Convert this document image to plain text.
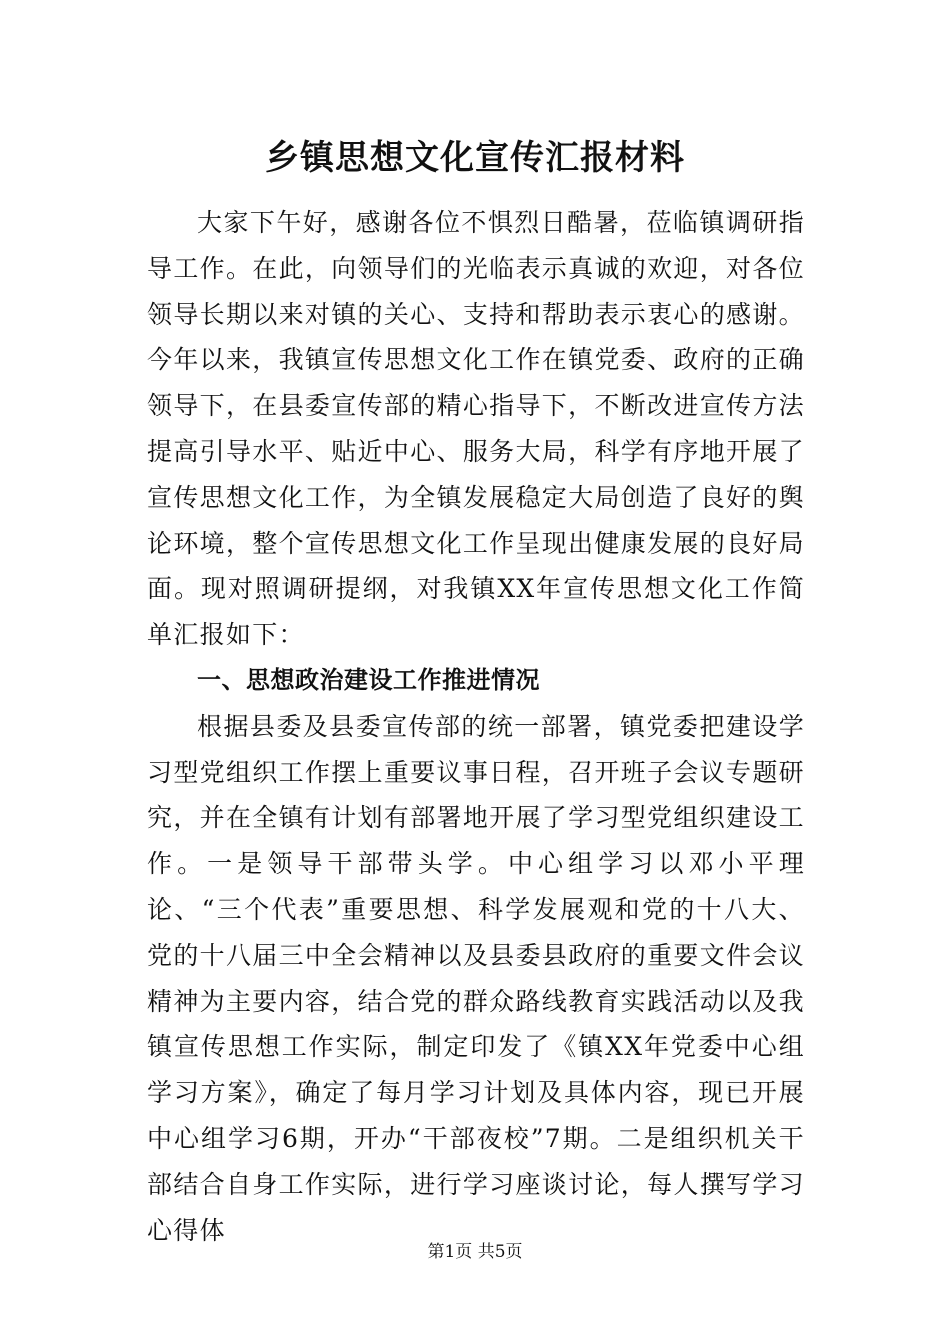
乡镇思想文化宣传汇报材料

大家下午好，感谢各位不惧烈日酷暑，莅临镇调研指导工作。在此，向领导们的光临表示真诚的欢迎，对各位领导长期以来对镇的关心、支持和帮助表示衷心的感谢。今年以来，我镇宣传思想文化工作在镇党委、政府的正确领导下，在县委宣传部的精心指导下，不断改进宣传方法提高引导水平、贴近中心、服务大局，科学有序地开展了宣传思想文化工作，为全镇发展稳定大局创造了良好的舆论环境，整个宣传思想文化工作呈现出健康发展的良好局面。现对照调研提纲，对我镇XX年宣传思想文化工作简单汇报如下：

一、思想政治建设工作推进情况

根据县委及县委宣传部的统一部署，镇党委把建设学习型党组织工作摆上重要议事日程，召开班子会议专题研究，并在全镇有计划有部署地开展了学习型党组织建设工作。一是领导干部带头学。中心组学习以邓小平理论、“三个代表”重要思想、科学发展观和党的十八大、党的十八届三中全会精神以及县委县政府的重要文件会议精神为主要内容，结合党的群众路线教育实践活动以及我镇宣传思想工作实际，制定印发了《镇XX年党委中心组学习方案》，确定了每月学习计划及具体内容，现已开展中心组学习6期，开办“干部夜校”7期。二是组织机关干部结合自身工作实际，进行学习座谈讨论，每人撰写学习心得体

第1页 共5页
